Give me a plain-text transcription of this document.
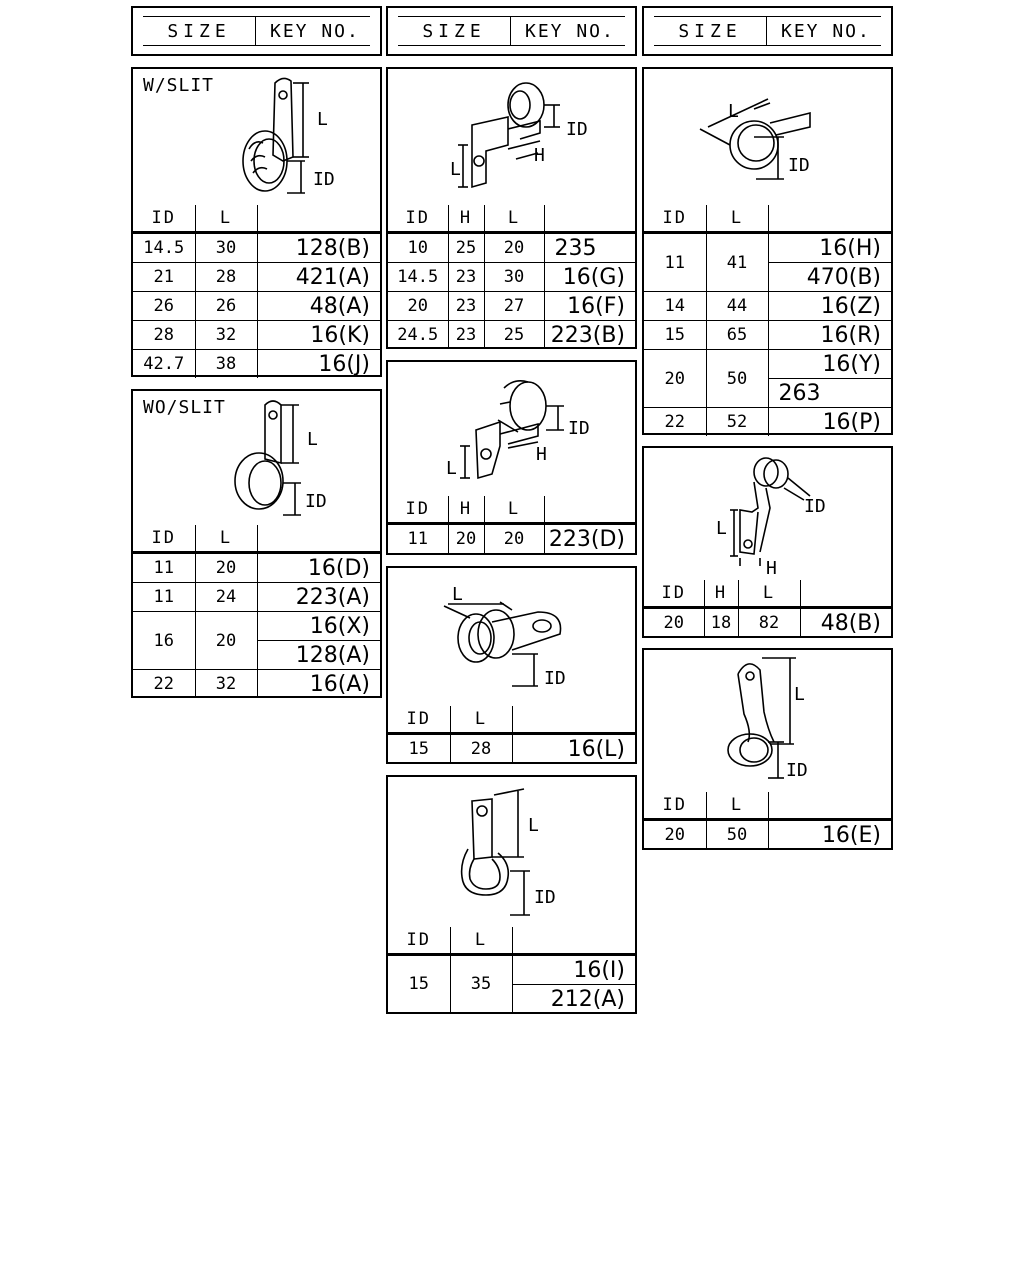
SIZE	KEY NO.	SIZE	KEY NO.	SIZE	KEY NO.
W/SLIT
L
ID
ID	L	
14.5	30	128(B)
21	28	421(A)
26	26	48(A)
28	32	16(K)
42.7	38	16(J)
WO/SLIT
L
ID
ID	L	
11	20	16(D)
11	24	223(A)
16	20	16(X)
		128(A)
22	32	16(A)
ID
H
L
ID	H	L	
10	25	20	235
14.5	23	30	16(G)
20	23	27	16(F)
24.5	23	25	223(B)
ID
H
L
ID	H	L	
11	20	20	223(D)
L
ID
ID	L	
15	28	16(L)
L
ID
ID	L	
15	35	16(I)
		212(A)
L
ID
ID	L	
11	41	16(H)
		470(B)
14	44	16(Z)
15	65	16(R)
20	50	16(Y)
		263
22	52	16(P)
ID
L
H
ID	H	L	
20	18	82	48(B)
L
ID
ID	L	
20	50	16(E)
